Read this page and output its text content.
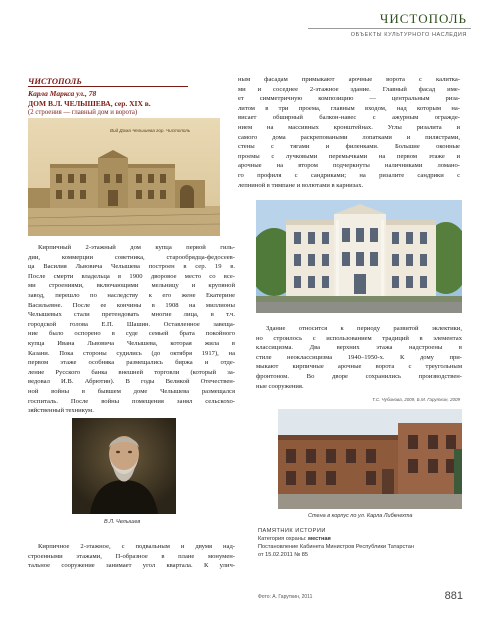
ЧИСТОПОЛЬ
ОБЪЕКТЫ КУЛЬТУРНОГО НАСЛЕДИЯ
ЧИСТОПОЛЬ
Карла Маркса ул., 78
ДОМ В.Л. ЧЕЛЫШЕВА, сер. XIX в.
(2 строения — главный дом и ворота)
Вид Дома Челышева гор. Чистополь
ным фасадам примыкают арочные ворота с калитка-
ми и соседнее 2-этажное здание. Главный фасад име-
ет симметричную композицию — центральным ризa-
литом в три проема, главным входом, над которым на-
висает обширный балкон-навес с ажурным огражде-
нием на массивных кронштейнах. Углы ризалита и
самого дома раскреповаными лопатками и пилястрами,
стены с тягами и филенками. Большие оконные
проемы с лучковыми перемычками на первом этаже и
арочные на втором подчеркнуты наличниками ломано-
го профиля с сандриками; на ризалите сандрики с
лепниной в тимпане и волютами в карнизах.
Кирпичный 2-этажный дом купца первой гиль-
дии, коммерции советника, старообрядца-федосеев-
ца Василия Львовича Челышева построен в сер. 19 в.
После смерти владельца в 1900 дворовое место со все-
ми строениями, включающими мельницу и крупяной
завод, перешло по наследству к его жене Екатерине
Васильевне. После ее кончины в 1908 на миллионы
Челышевых стали претендовать многие лица, в т.ч.
городской голова Е.П. Шашин. Оставленное завеща-
ние было оспорено в суде семьей брата покойного
купца Ивана Львовича Челышева, которая жила в
Казани. Пока стороны судились (до октября 1917), на
первом этаже особняка размещались биржа и отде-
ление Русского банка внешней торговли (который за-
ведовал И.В. Абрютин). В годы Великой Отечествен-
ной войны в бывшем доме Челышева размещался
госпиталь. После войны помещения занял сельскохо-
зяйственный техникум.
Здание относится к периоду развитой эклектики,
но строилось с использованием традиций в элементах
классицизма. Два верхних этажа надстроены в
стиле неоклассицизма 1940–1950-х. К дому при-
мыкают кирпичные арочные ворота с треугольным
фронтоном. Во дворе сохранились производствен-
ные сооружения.
Т.С. Чубинова, 2009, Б.М. Гаруткин, 2009
В.Л. Челышев
Стена в корпус по ул. Карла Либкнехта
Кирпичное 2-этажное, с подвальным и двумя над-
строенными этажами, П-образное в плане монумен-
тальное сооружение занимает угол квартала. К улич-
ПАМЯТНИК ИСТОРИИ
Категория охраны: местная
Постановление Кабинета Министров Республики Татарстан
от 15.02.2011 № 85
Фото: А. Гаруткин, 2011	881
